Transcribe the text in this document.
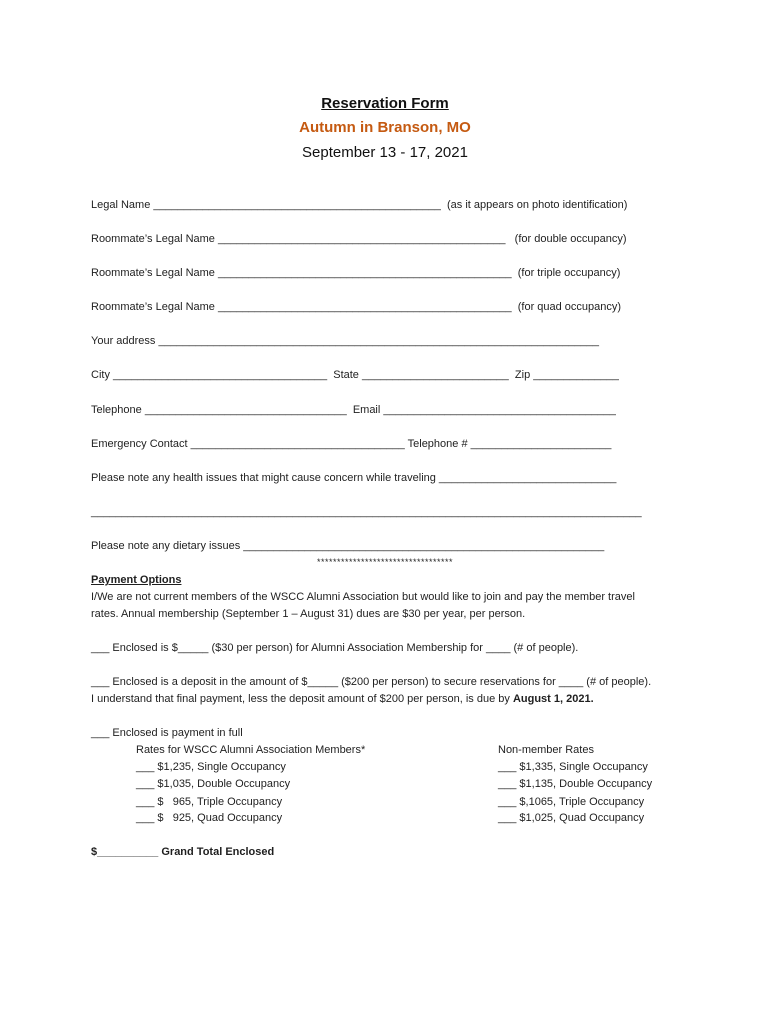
Reservation Form
Autumn in Branson, MO
September 13 - 17, 2021
Legal Name _______________________________________________  (as it appears on photo identification)
Roommate’s Legal Name _______________________________________________   (for double occupancy)
Roommate’s Legal Name ________________________________________________  (for triple occupancy)
Roommate’s Legal Name ________________________________________________  (for quad occupancy)
Your address ________________________________________________________________________
City ___________________________________  State ________________________  Zip ______________
Telephone _________________________________  Email ______________________________________
Emergency Contact ___________________________________ Telephone # _______________________
Please note any health issues that might cause concern while traveling _____________________________
__________________________________________________________________________________________
Please note any dietary issues ___________________________________________________________
**********************************
Payment Options
I/We are not current members of the WSCC Alumni Association but would like to join and pay the member travel
rates. Annual membership (September 1 – August 31) dues are $30 per year, per person.
___ Enclosed is $_____ ($30 per person) for Alumni Association Membership for ____ (# of people).
___ Enclosed is a deposit in the amount of $_____ ($200 per person) to secure reservations for ____ (# of people).
I understand that final payment, less the deposit amount of $200 per person, is due by August 1, 2021.
___ Enclosed is payment in full
Rates for WSCC Alumni Association Members*
___ $1,235, Single Occupancy
___ $1,035, Double Occupancy
___ $   965, Triple Occupancy
___ $   925, Quad Occupancy
Non-member Rates
___ $1,335, Single Occupancy
___ $1,135, Double Occupancy
___ $,1065, Triple Occupancy
___ $1,025, Quad Occupancy
$__________ Grand Total Enclosed
